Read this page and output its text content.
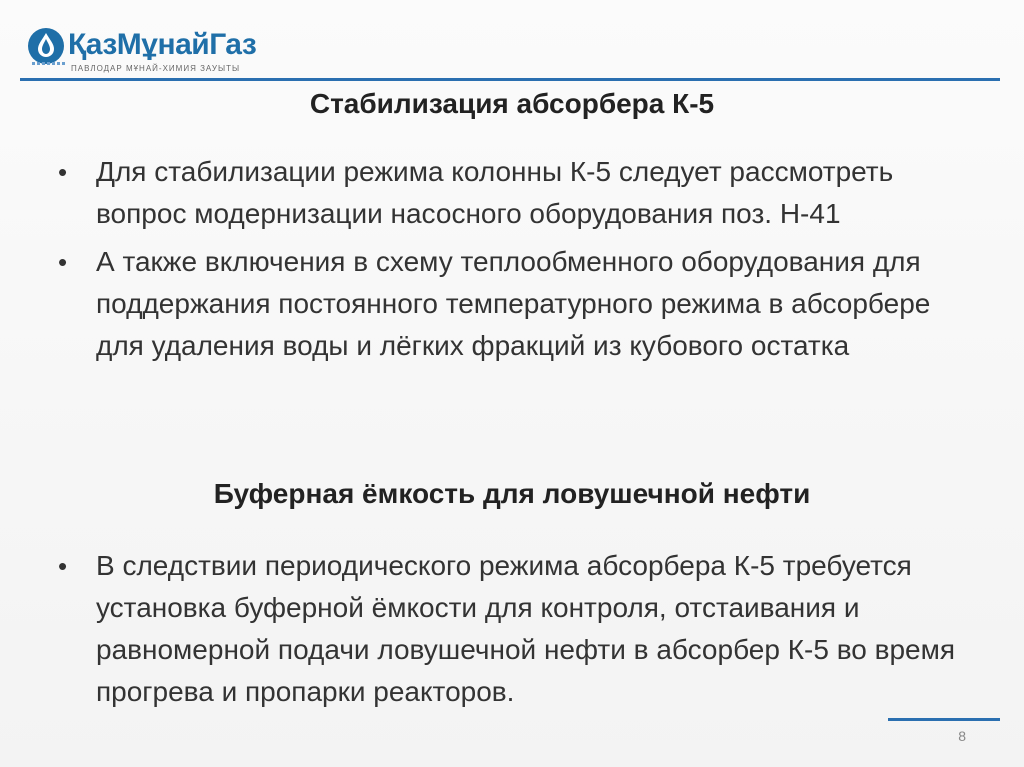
ҚазМұнайГаз
ПАВЛОДАР МҰНАЙ-ХИМИЯ ЗАУЫТЫ
Стабилизация абсорбера К-5
• Для стабилизации режима колонны К-5 следует рассмотреть вопрос модернизации насосного оборудования поз. Н-41
• А также включения в схему теплообменного оборудования для поддержания постоянного температурного режима в абсорбере для удаления воды и лёгких фракций из кубового остатка
Буферная ёмкость для ловушечной нефти
• В следствии периодического режима абсорбера К-5 требуется установка буферной ёмкости для контроля, отстаивания и равномерной подачи ловушечной нефти в абсорбер К-5 во время прогрева и пропарки реакторов.
8
